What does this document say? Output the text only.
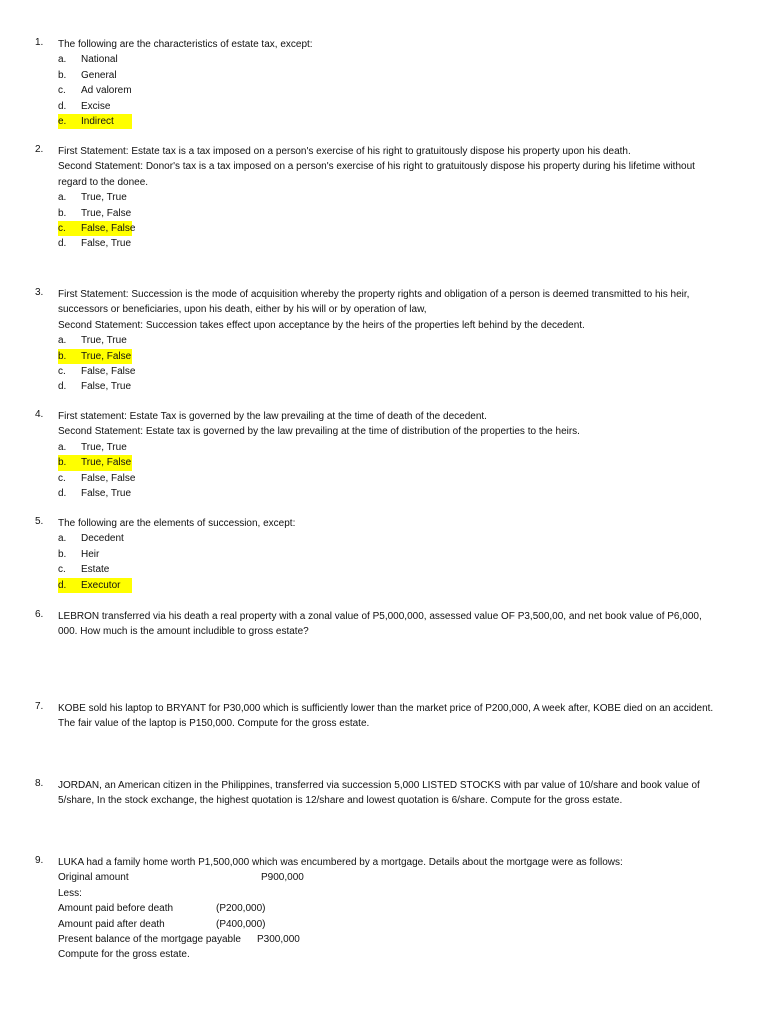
1. The following are the characteristics of estate tax, except:
a. National
b. General
c. Ad valorem
d. Excise
e. Indirect
2. First Statement: Estate tax is a tax imposed on a person's exercise of his right to gratuitously dispose his property upon his death.
Second Statement: Donor's tax is a tax imposed on a person's exercise of his right to gratuitously dispose his property during his lifetime without
regard to the donee.
a. True, True
b. True, False
c. False, False
d. False, True
3. First Statement: Succession is the mode of acquisition whereby the property rights and obligation of a person is deemed transmitted to his heir,
successors or beneficiaries, upon his death, either by his will or by operation of law,
Second Statement: Succession takes effect upon acceptance by the heirs of the properties left behind by the decedent.
a. True, True
b. True, False
c. False, False
d. False, True
4. First statement: Estate Tax is governed by the law prevailing at the time of death of the decedent.
Second Statement: Estate tax is governed by the law prevailing at the time of distribution of the properties to the heirs.
a. True, True
b. True, False
c. False, False
d. False, True
5. The following are the elements of succession, except:
a. Decedent
b. Heir
c. Estate
d. Executor
6. LEBRON transferred via his death a real property with a zonal value of P5,000,000, assessed value OF P3,500,00, and net book value of P6,000,
000. How much is the amount includible to gross estate?
7. KOBE sold his laptop to BRYANT for P30,000 which is sufficiently lower than the market price of P200,000, A week after, KOBE died on an accident.
The fair value of the laptop is P150,000. Compute for the gross estate.
8. JORDAN, an American citizen in the Philippines, transferred via succession 5,000 LISTED STOCKS with par value of 10/share and book value of
5/share, In the stock exchange, the highest quotation is 12/share and lowest quotation is 6/share. Compute for the gross estate.
9. LUKA had a family home worth P1,500,000 which was encumbered by a mortgage. Details about the mortgage were as follows:
Original amount	P900,000
Less:
Amount paid before death	(P200,000)
Amount paid after death	(P400,000)
Present balance of the mortgage payable P300,000
Compute for the gross estate.
